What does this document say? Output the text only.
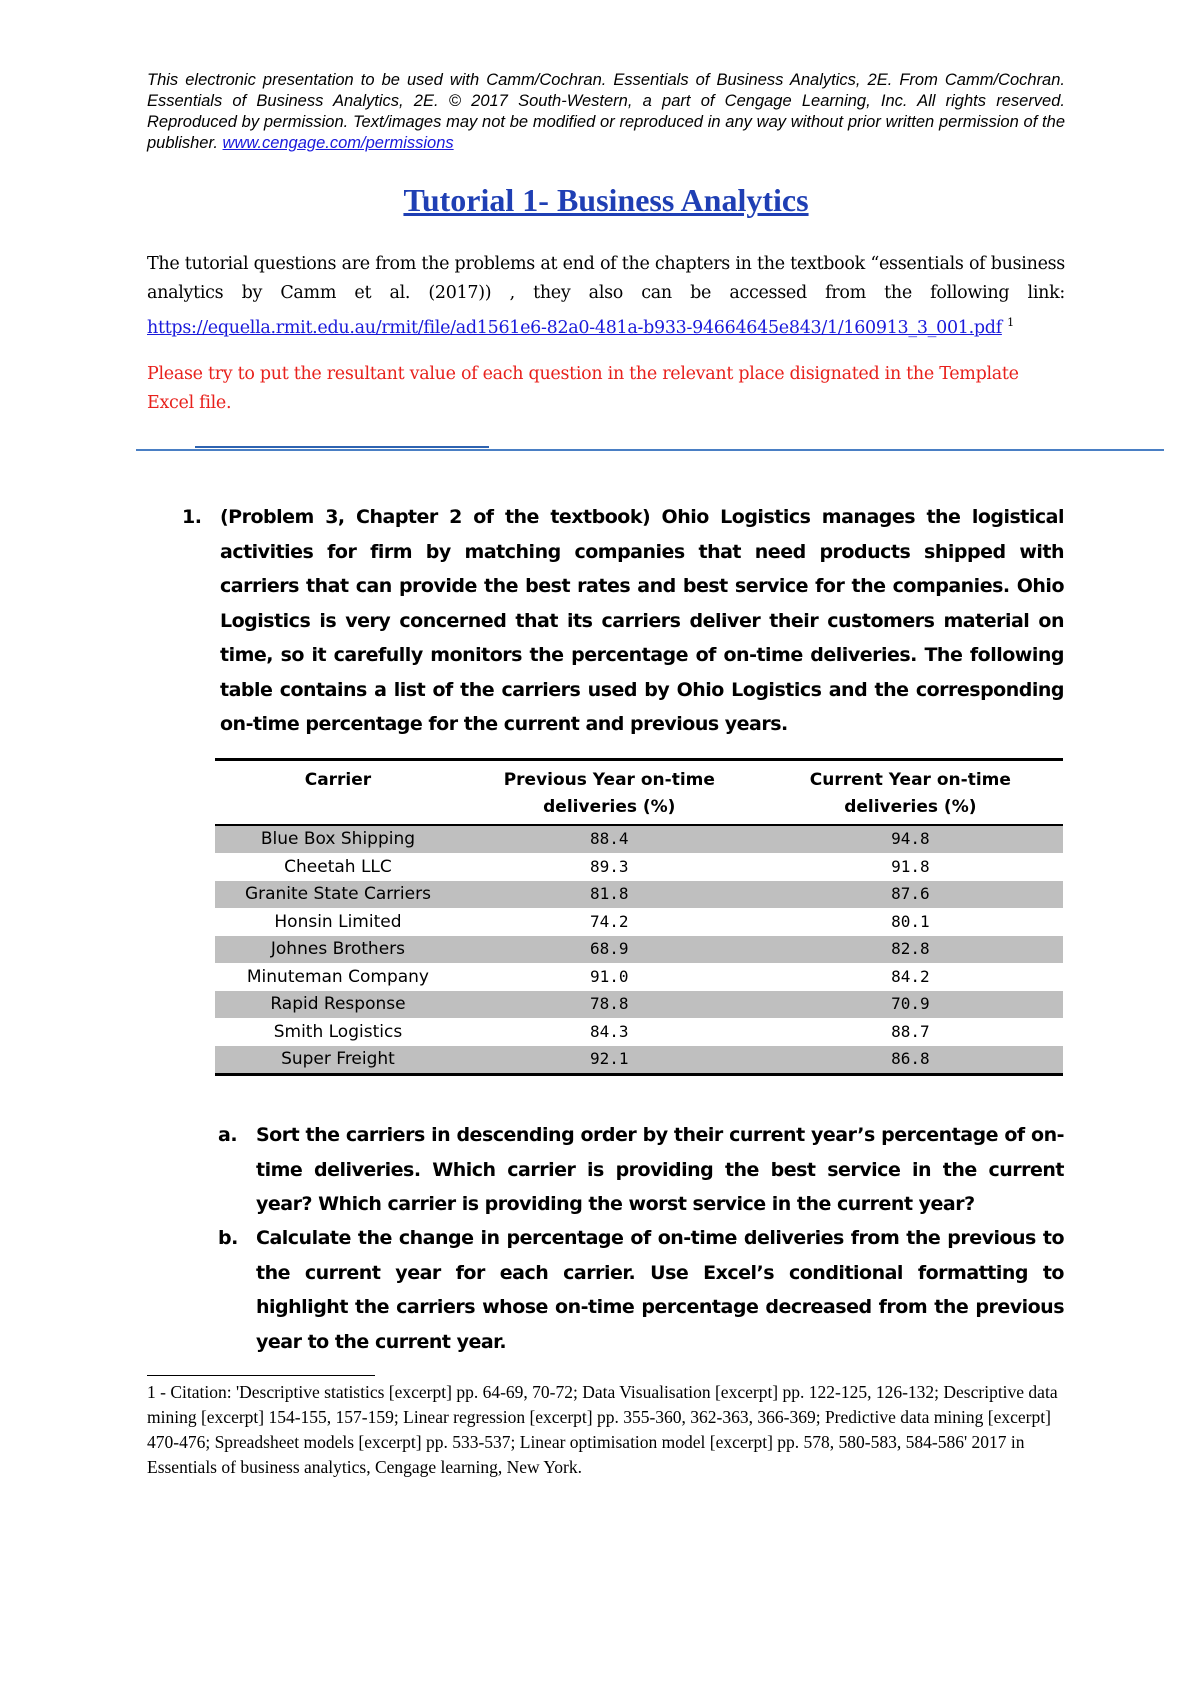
This electronic presentation to be used with Camm/Cochran. Essentials of Business Analytics, 2E. From Camm/Cochran. Essentials of Business Analytics, 2E. © 2017 South-Western, a part of Cengage Learning, Inc. All rights reserved. Reproduced by permission. Text/images may not be modified or reproduced in any way without prior written permission of the publisher. www.cengage.com/permissions

Tutorial 1- Business Analytics

The tutorial questions are from the problems at end of the chapters in the textbook “essentials of business analytics by Camm et al. (2017)) , they also can be accessed from the following link: https://equella.rmit.edu.au/rmit/file/ad1561e6-82a0-481a-b933-94664645e843/1/160913_3_001.pdf $^1$

Please try to put the resultant value of each question in the relevant place disignated in the Template Excel file.

1. (Problem 3, Chapter 2 of the textbook) Ohio Logistics manages the logistical activities for firm by matching companies that need products shipped with carriers that can provide the best rates and best service for the companies. Ohio Logistics is very concerned that its carriers deliver their customers material on time, so it carefully monitors the percentage of on-time deliveries. The following table contains a list of the carriers used by Ohio Logistics and the corresponding on-time percentage for the current and previous years.
Carrier	Previous Year on-time deliveries (%)	Current Year on-time deliveries (%)
Blue Box Shipping	88.4	94.8
Cheetah LLC	89.3	91.8
Granite State Carriers	81.8	87.6
Honsin Limited	74.2	80.1
Johnes Brothers	68.9	82.8
Minuteman Company	91.0	84.2
Rapid Response	78.8	70.9
Smith Logistics	84.3	88.7
Super Freight	92.1	86.8
a. Sort the carriers in descending order by their current year’s percentage of on-time deliveries. Which carrier is providing the best service in the current year? Which carrier is providing the worst service in the current year?
b. Calculate the change in percentage of on-time deliveries from the previous to the current year for each carrier. Use Excel’s conditional formatting to highlight the carriers whose on-time percentage decreased from the previous year to the current year.

1 - Citation: 'Descriptive statistics [excerpt] pp. 64-69, 70-72; Data Visualisation [excerpt] pp. 122-125, 126-132; Descriptive data mining [excerpt] 154-155, 157-159; Linear regression [excerpt] pp. 355-360, 362-363, 366-369; Predictive data mining [excerpt] 470-476; Spreadsheet models [excerpt] pp. 533-537; Linear optimisation model [excerpt] pp. 578, 580-583, 584-586' 2017 in Essentials of business analytics, Cengage learning, New York.
